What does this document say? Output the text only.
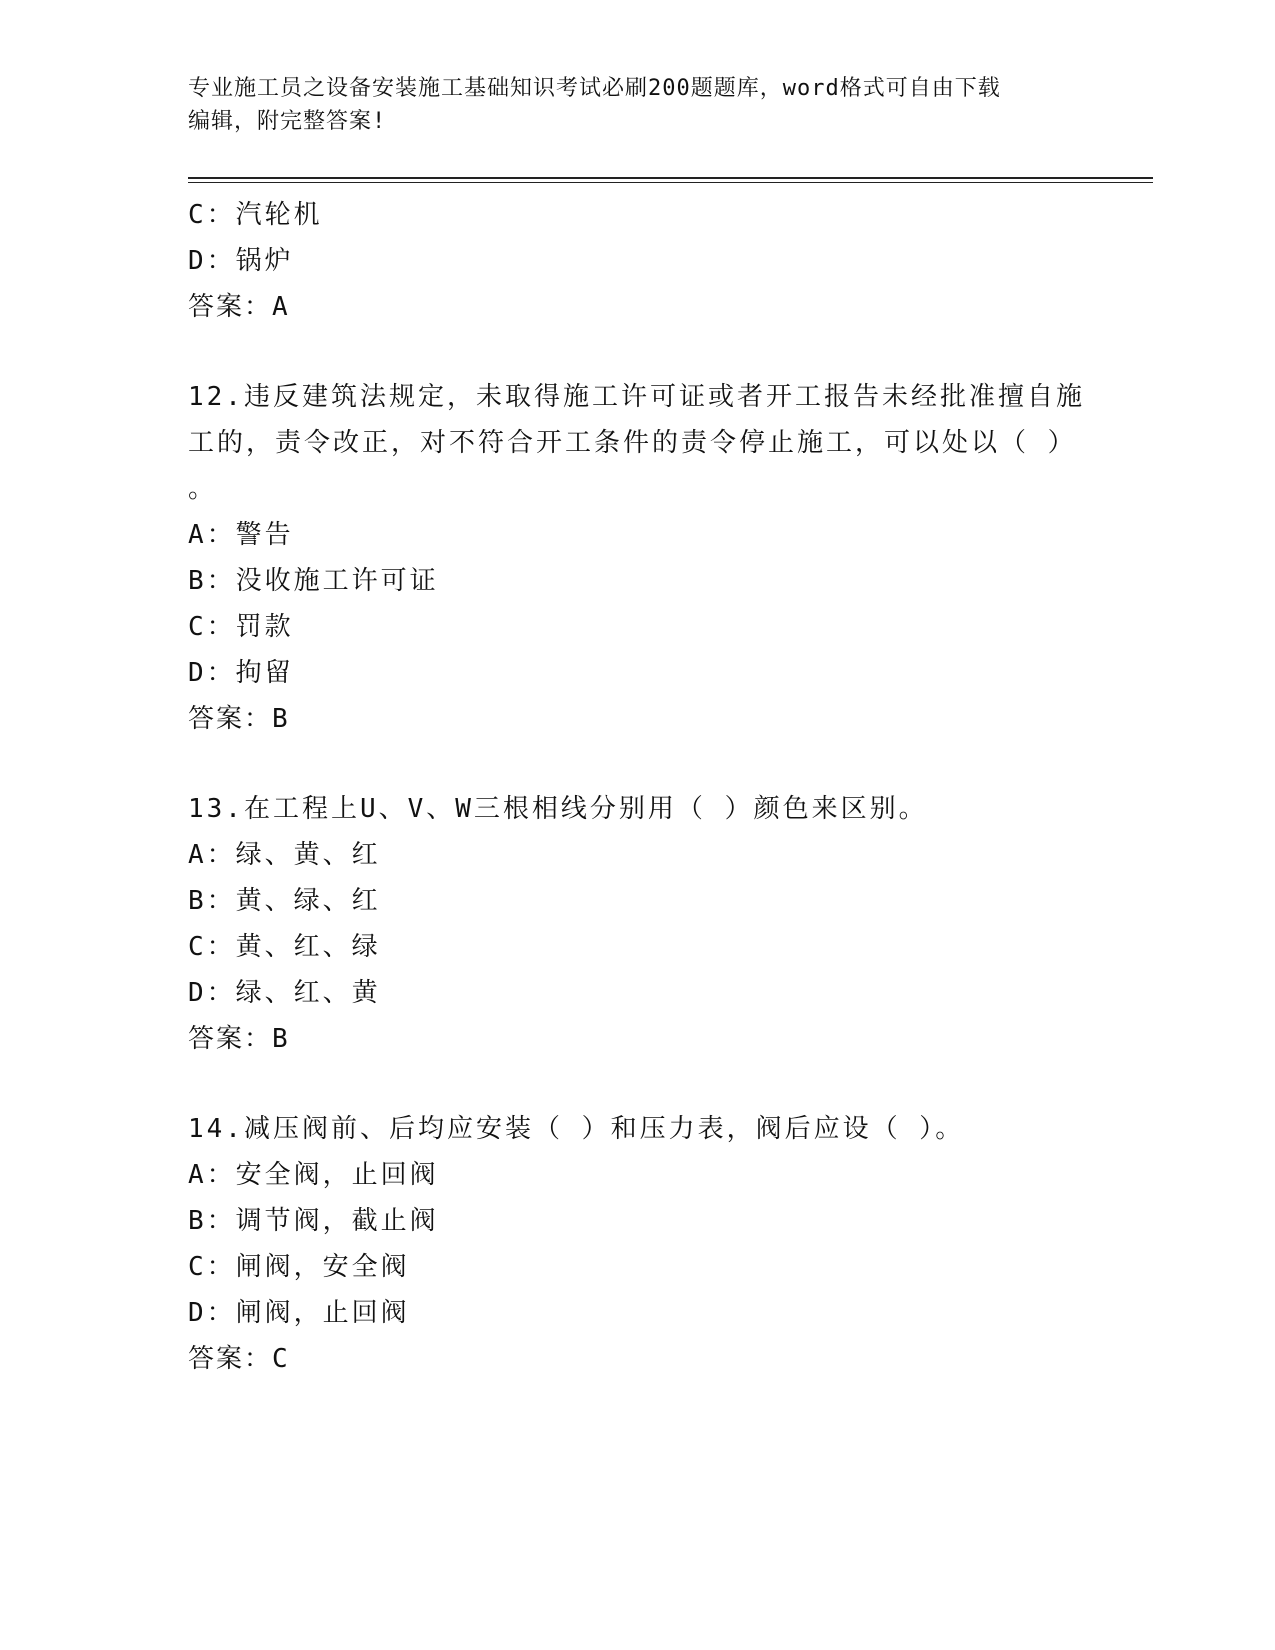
专业施工员之设备安装施工基础知识考试必刷200题题库，word格式可自由下载
编辑，附完整答案!
C：汽轮机
D：锅炉
答案：A
12.违反建筑法规定，未取得施工许可证或者开工报告未经批准擅自施
工的，责令改正，对不符合开工条件的责令停止施工，可以处以（ ）
。
A：警告
B：没收施工许可证
C：罚款
D：拘留
答案：B
13.在工程上U、V、W三根相线分别用（ ）颜色来区别。
A：绿、黄、红
B：黄、绿、红
C：黄、红、绿
D：绿、红、黄
答案：B
14.减压阀前、后均应安装（ ）和压力表，阀后应设（ ）。
A：安全阀，止回阀
B：调节阀，截止阀
C：闸阀，安全阀
D：闸阀，止回阀
答案：C
